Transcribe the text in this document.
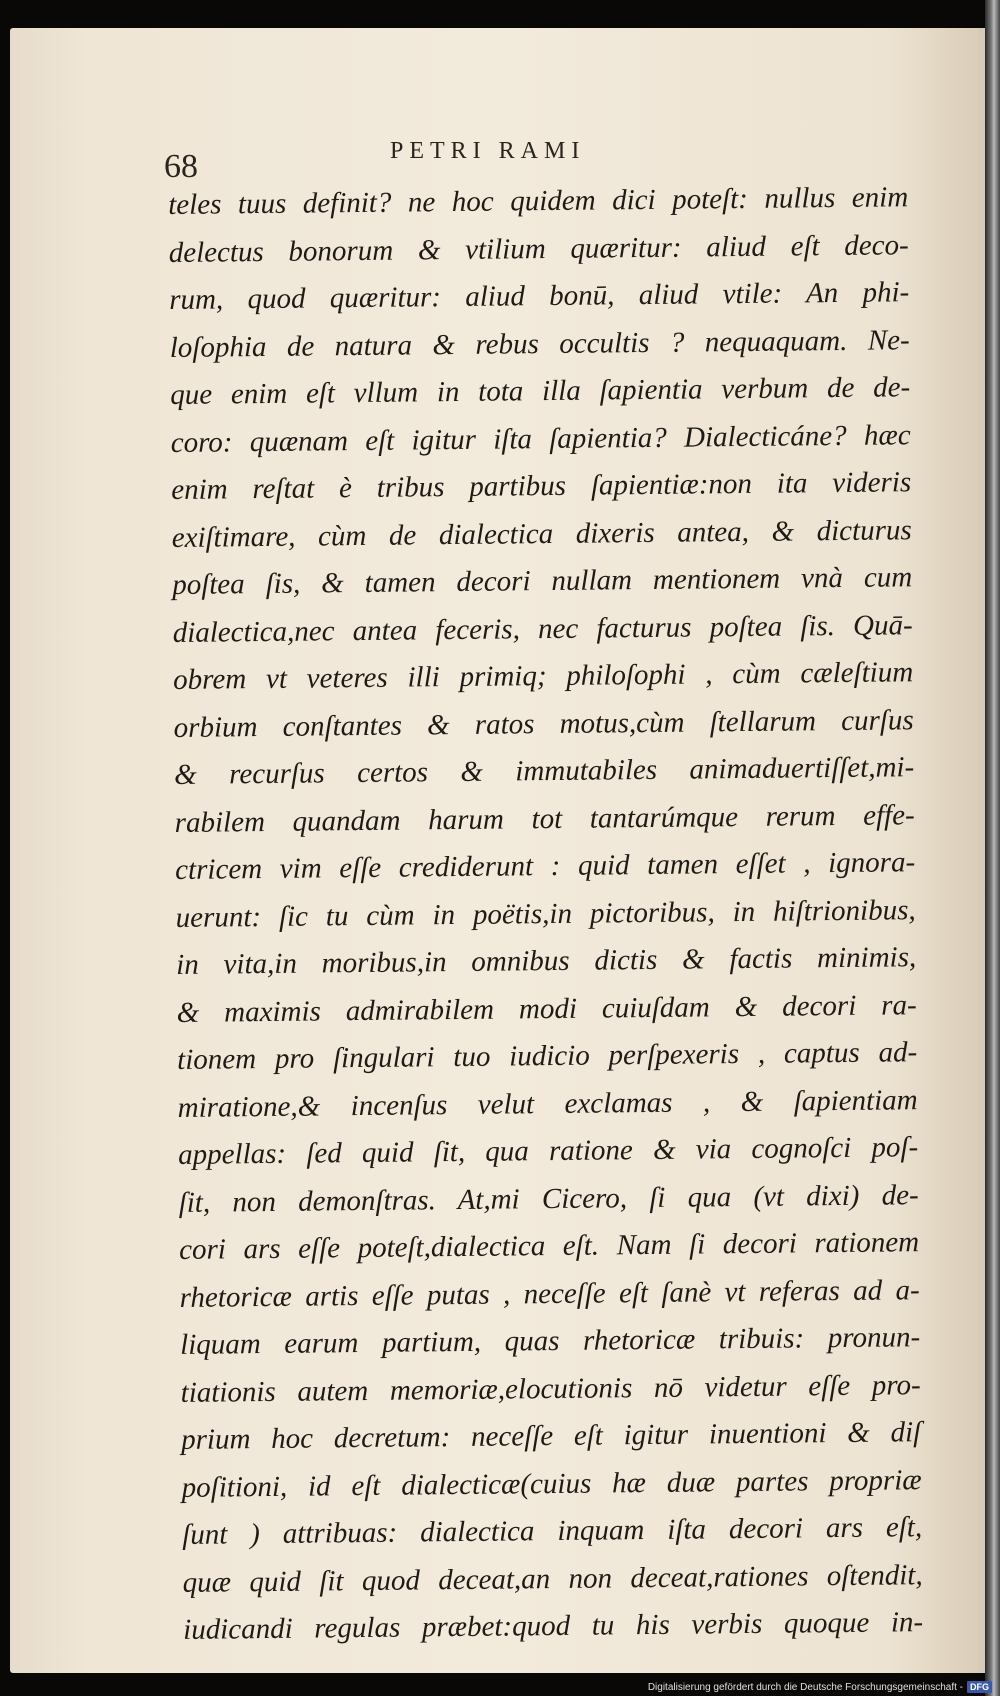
68	PETRI RAMI
teles tuus definit? ne hoc quidem dici poteſt: nullus enim
delectus bonorum & vtilium quæritur: aliud eſt deco-
rum, quod quæritur: aliud bonū, aliud vtile: An phi-
loſophia de natura & rebus occultis ? nequaquam. Ne-
que enim eſt vllum in tota illa ſapientia verbum de de-
coro: quænam eſt igitur iſta ſapientia? Dialecticáne? hæc
enim reſtat è tribus partibus ſapientiæ:non ita videris
exiſtimare, cùm de dialectica dixeris antea, & dicturus
poſtea ſis, & tamen decori nullam mentionem vnà cum
dialectica,nec antea feceris, nec facturus poſtea ſis. Quā-
obrem vt veteres illi primiq; philoſophi , cùm cæleſtium
orbium conſtantes & ratos motus,cùm ſtellarum curſus
& recurſus certos & immutabiles animaduertiſſet,mi-
rabilem quandam harum tot tantarúmque rerum effe-
ctricem vim eſſe crediderunt : quid tamen eſſet , ignora-
uerunt: ſic tu cùm in poëtis,in pictoribus, in hiſtrionibus,
in vita,in moribus,in omnibus dictis & factis minimis,
& maximis admirabilem modi cuiuſdam & decori ra-
tionem pro ſingulari tuo iudicio perſpexeris , captus ad-
miratione,& incenſus velut exclamas , & ſapientiam
appellas: ſed quid ſit, qua ratione & via cognoſci poſ-
ſit, non demonſtras. At,mi Cicero, ſi qua (vt dixi) de-
cori ars eſſe poteſt,dialectica eſt. Nam ſi decori rationem
rhetoricæ artis eſſe putas , neceſſe eſt ſanè vt referas ad a-
liquam earum partium, quas rhetoricæ tribuis: pronun-
tiationis autem memoriæ,elocutionis nō videtur eſſe pro-
prium hoc decretum: neceſſe eſt igitur inuentioni & diſ
poſitioni, id eſt dialecticæ(cuius hæ duæ partes propriæ
ſunt ) attribuas: dialectica inquam iſta decori ars eſt,
quæ quid ſit quod deceat,an non deceat,rationes oſtendit,
iudicandi regulas præbet:quod tu his verbis quoque in-
Digitalisierung gefördert durch die Deutsche Forschungsgemeinschaft - DFG
